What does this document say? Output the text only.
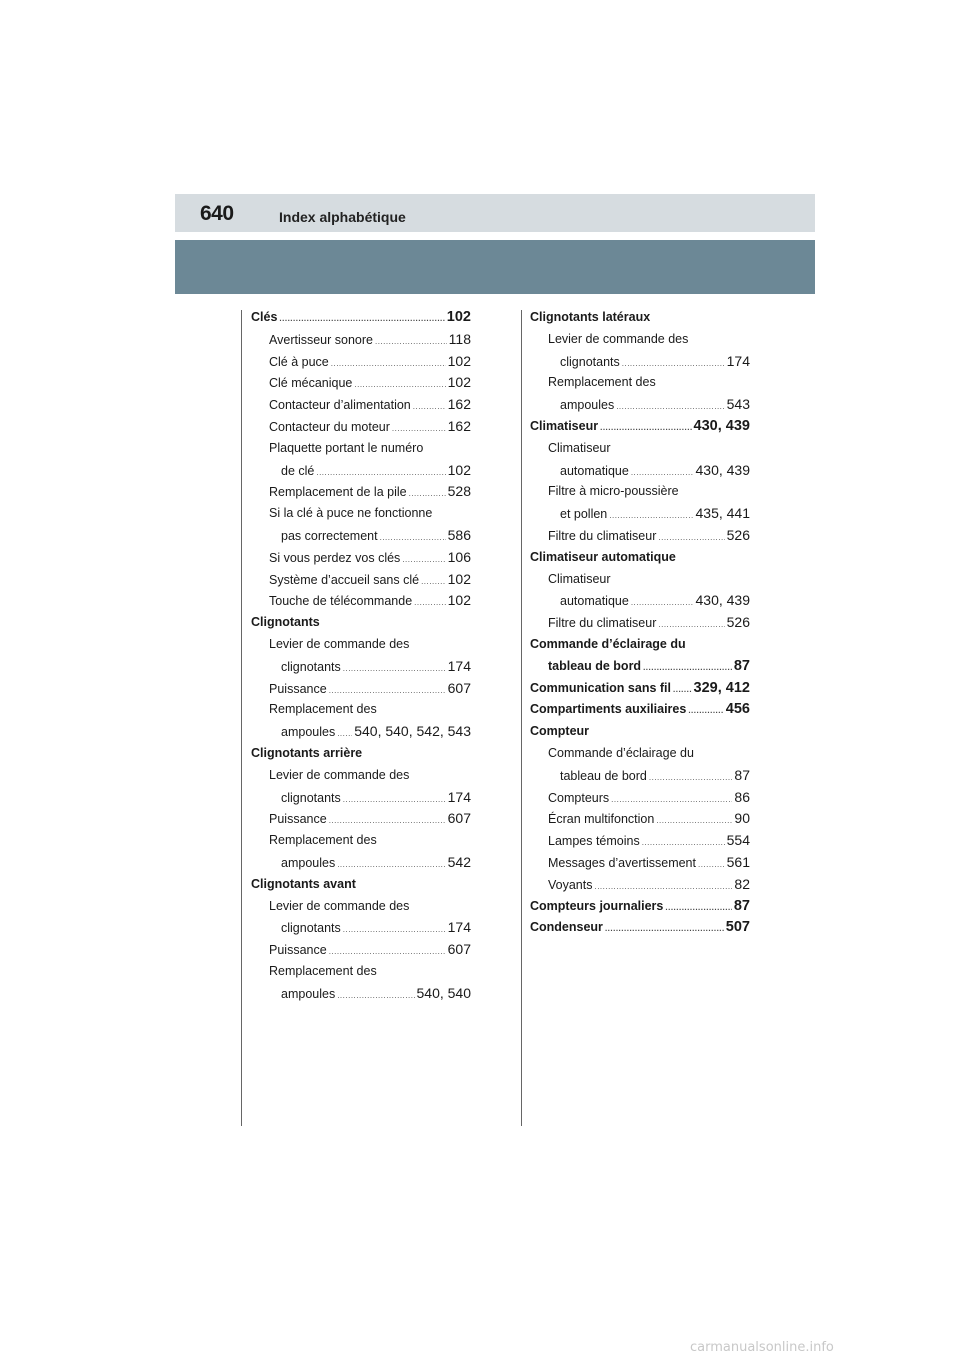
640	Index alphabétique
Clés .....	102
Avertisseur sonore .....	118
Clé à puce .....	102
Clé mécanique .....	102
Contacteur d’alimentation .....	162
Contacteur du moteur .....	162
Plaquette portant le numéro
de clé .....	102
Remplacement de la pile .....	528
Si la clé à puce ne fonctionne
pas correctement .....	586
Si vous perdez vos clés .....	106
Système d’accueil sans clé ..... 102
Touche de télécommande .....	102
Clignotants
Levier de commande des
clignotants .....	174
Puissance .....	607
Remplacement des
ampoules ..... 540, 540, 542, 543
Clignotants arrière
Levier de commande des
clignotants .....	174
Puissance .....	607
Remplacement des
ampoules .....	542
Clignotants avant
Levier de commande des
clignotants .....	174
Puissance .....	607
Remplacement des
ampoules .....	540, 540
Clignotants latéraux
Levier de commande des
clignotants .....	174
Remplacement des
ampoules .....	543
Climatiseur .....	430, 439
Climatiseur
automatique .....	430, 439
Filtre à micro-poussière
et pollen .....	435, 441
Filtre du climatiseur .....	526
Climatiseur automatique
Climatiseur
automatique .....	430, 439
Filtre du climatiseur .....	526
Commande d’éclairage du
tableau de bord .....	87
Communication sans fil ..... 329, 412
Compartiments auxiliaires .....	456
Compteur
Commande d’éclairage du
tableau de bord .....	87
Compteurs .....	86
Écran multifonction .....	90
Lampes témoins .....	554
Messages d’avertissement ..... 561
Voyants .....	82
Compteurs journaliers .....	87
Condenseur .....	507
carmanualsonline.info
